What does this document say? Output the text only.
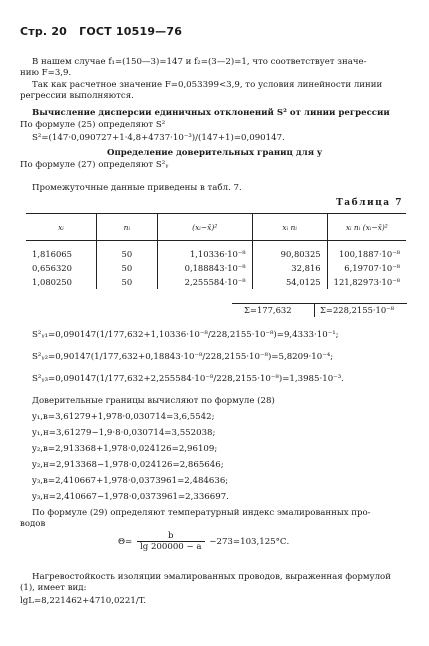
Стр. 20 ГОСТ 10519—76
В нашем случае f₁=(150—3)=147 и f₂=(3—2)=1, что соответствует значе-
нию F=3,9.
Так как расчетное значение F=0,053399<3,9, то условия линейности линии
регрессии выполняются.
Вычисление дисперсии единичных отклонений S² от линии регрессии
По формуле (25) определяют S²
S²=(147·0,090727+1·4,8+4737·10⁻³)/(147+1)=0,090147.
Определение доверительных границ для y
По формуле (27) определяют S²ᵧ
Промежуточные данные приведены в табл. 7.
Таблица 7
xᵢ	nᵢ	(xᵢ−x̄)²	xᵢ nᵢ	xᵢ nᵢ (xᵢ−x̄)²
1,816065	50	1,10336·10⁻⁸	90,80325	100,1887·10⁻⁸
0,656320	50	0,188843·10⁻⁸	32,816	6,19707·10⁻⁸
1,080250	50	2,255584·10⁻⁸	54,0125	121,82973·10⁻⁸
Σ=177,632	Σ=228,2155·10⁻⁸
S²ᵧ₁=0,090147(1/177,632+1,10336·10⁻⁸/228,2155·10⁻⁸)=9,4333·10⁻¹;
S²ᵧ₂=0,90147(1/177,632+0,18843·10⁻⁸/228,2155·10⁻⁸)=5,8209·10⁻⁴;
S²ᵧ₃=0,090147(1/177,632+2,255584·10⁻⁸/228,2155·10⁻⁸)=1,3985·10⁻³.
Доверительные границы вычисляют по формуле (28)
y₁,в=3,61279+1,978·0,030714=3,6,5542;
y₁,н=3,61279−1,9·8·0,030714=3,552038;
y₂,в=2,913368+1,978·0,024126=2,96109;
y₂,н=2,913368−1,978·0,024126=2,865646;
y₃,в=2,410667+1,978·0,0373961=2,484636;
y₃,н=2,410667−1,978·0,0373961=2,336697.
По формуле (29) определяют температурный индекс эмалированных про-
водов
$\Theta= \frac{b}{\lg 200000 - a} -273=103,125^\circ С$.
Нагревостойкость изоляции эмалированных проводов, выраженная формулой
(1), имеет вид:
lgL=8,221462+4710,0221/T.
